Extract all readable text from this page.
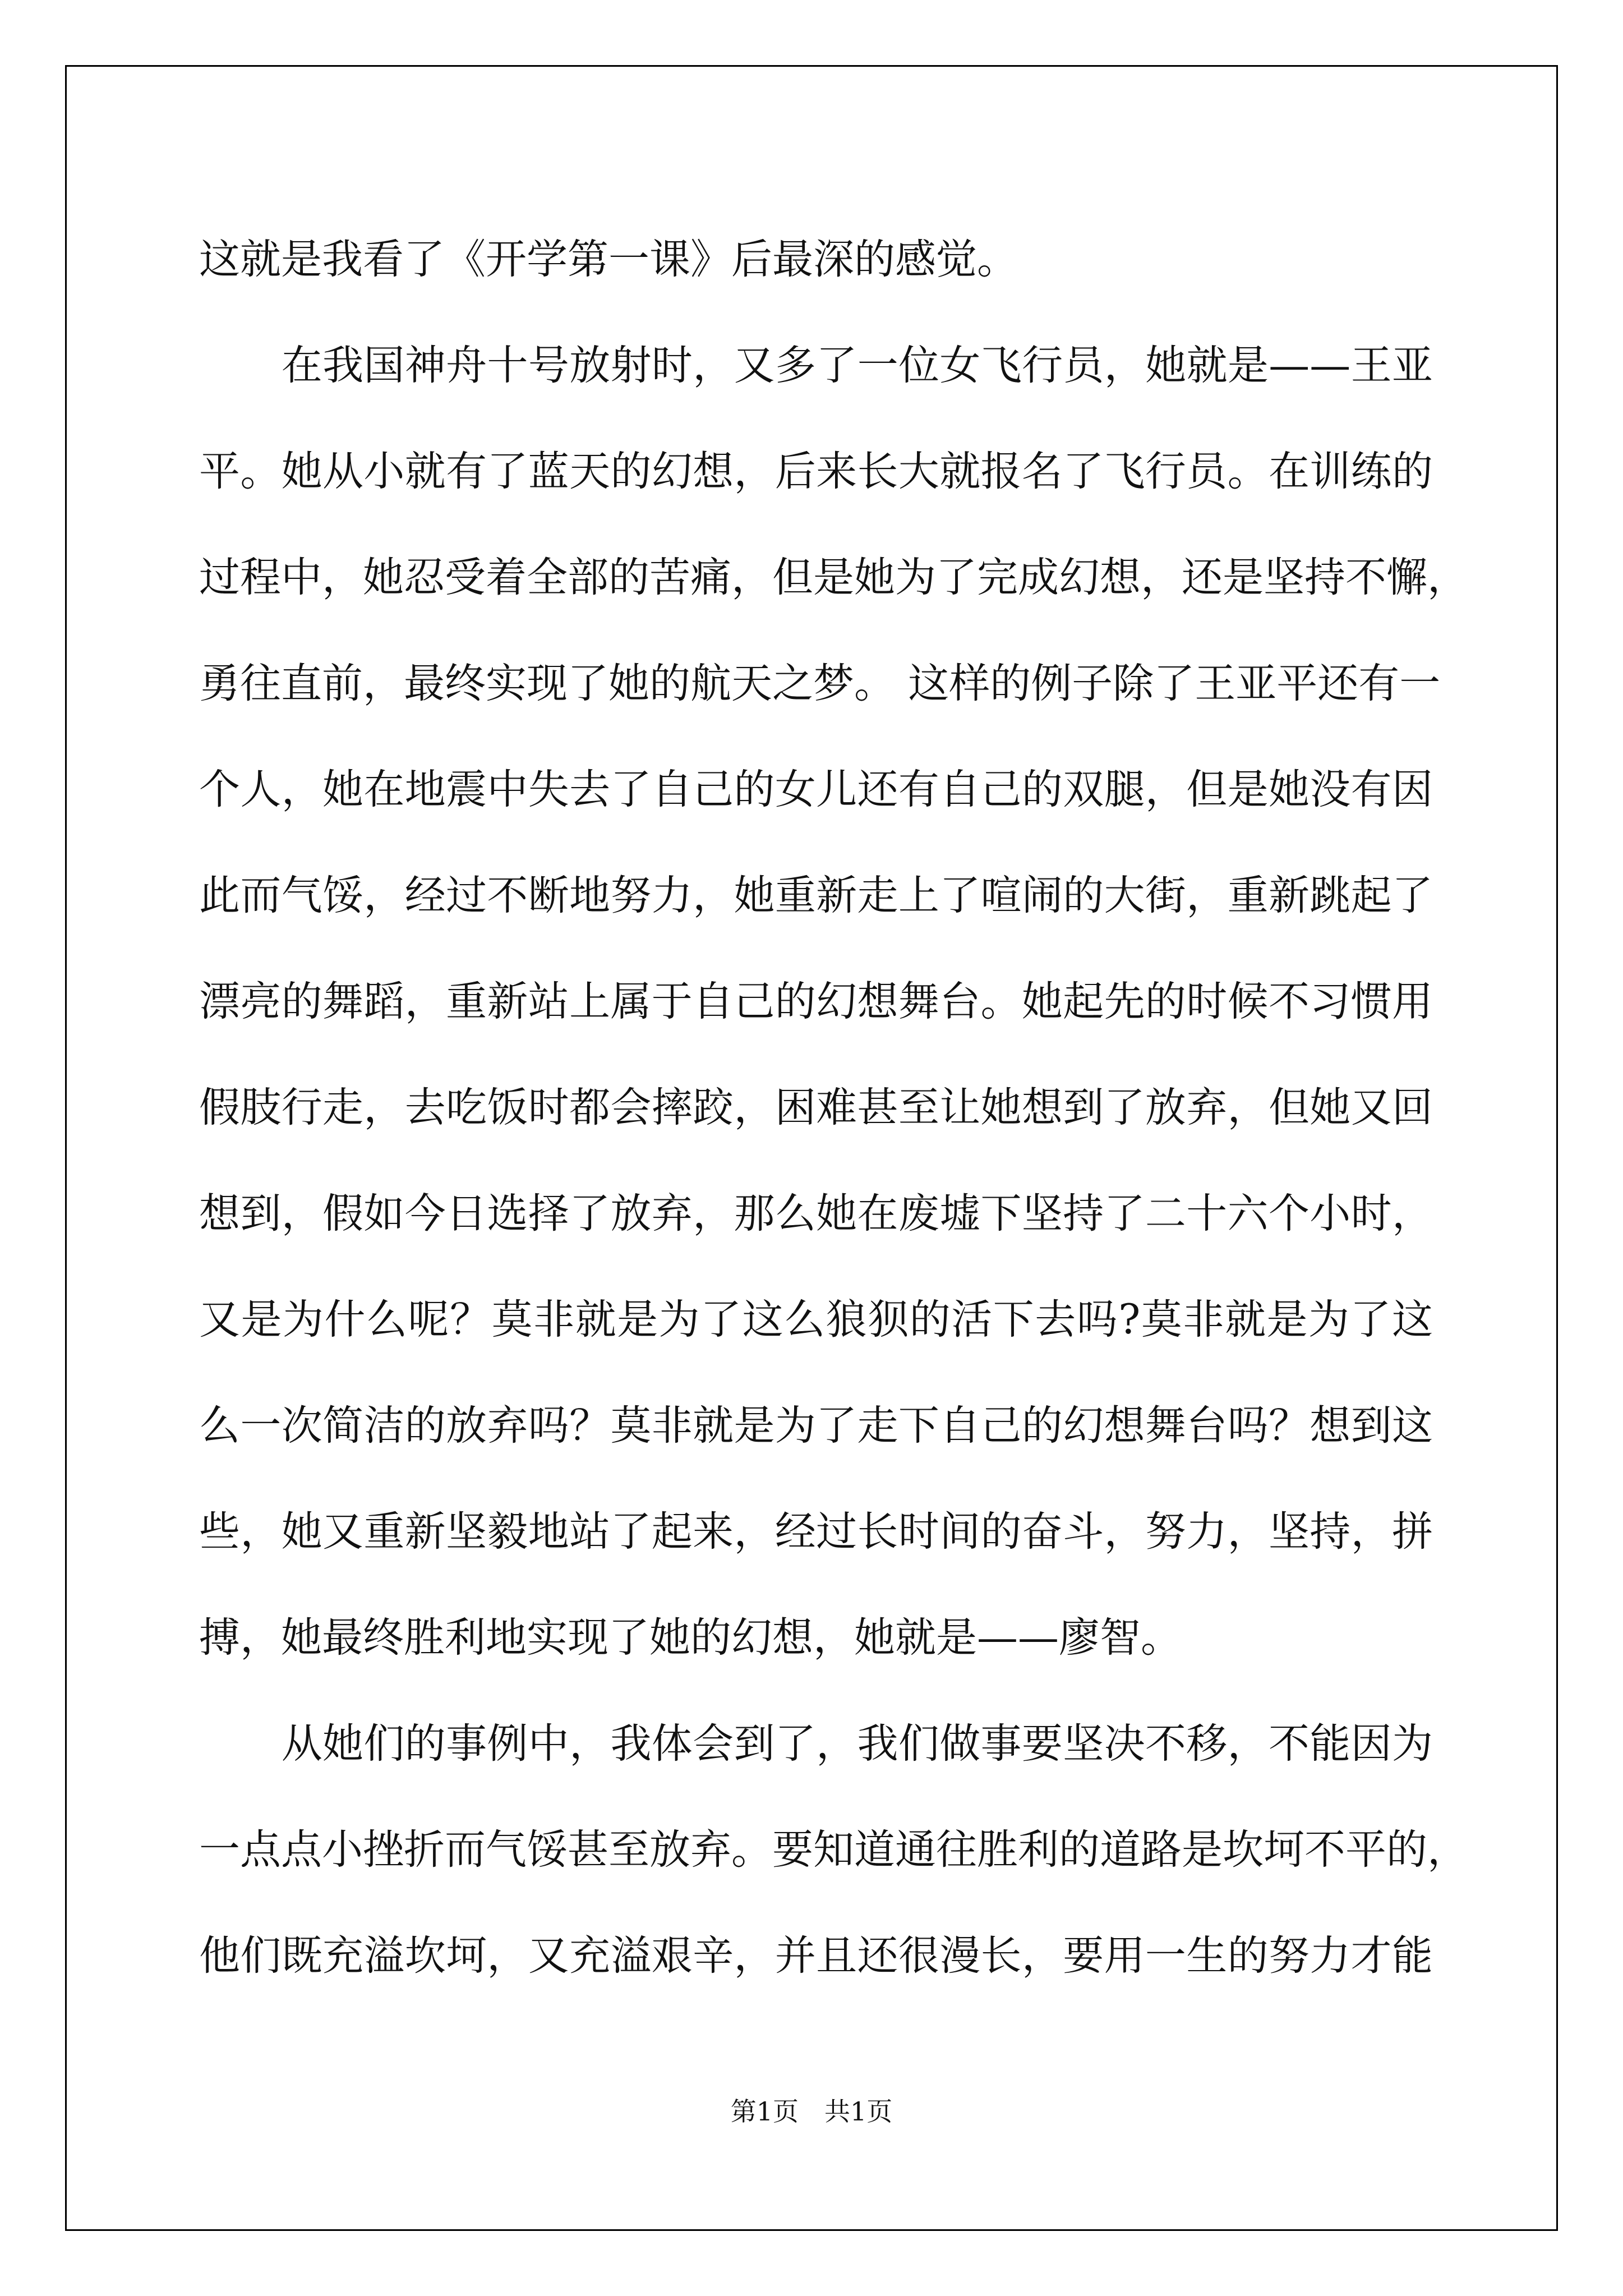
这就是我看了《开学第一课》后最深的感觉。
　　在我国神舟十号放射时，又多了一位女飞行员，她就是——王亚
平。她从小就有了蓝天的幻想，后来长大就报名了飞行员。在训练的
过程中，她忍受着全部的苦痛，但是她为了完成幻想，还是坚持不懈，
勇往直前，最终实现了她的航天之梦。 这样的例子除了王亚平还有一
个人，她在地震中失去了自己的女儿还有自己的双腿，但是她没有因
此而气馁，经过不断地努力，她重新走上了喧闹的大街，重新跳起了
漂亮的舞蹈，重新站上属于自己的幻想舞台。她起先的时候不习惯用
假肢行走，去吃饭时都会摔跤，困难甚至让她想到了放弃，但她又回
想到，假如今日选择了放弃，那么她在废墟下坚持了二十六个小时，
又是为什么呢？莫非就是为了这么狼狈的活下去吗?莫非就是为了这
么一次简洁的放弃吗？莫非就是为了走下自己的幻想舞台吗？想到这
些，她又重新坚毅地站了起来，经过长时间的奋斗，努力，坚持，拼
搏，她最终胜利地实现了她的幻想，她就是——廖智。
　　从她们的事例中，我体会到了，我们做事要坚决不移，不能因为
一点点小挫折而气馁甚至放弃。要知道通往胜利的道路是坎坷不平的，
他们既充溢坎坷，又充溢艰辛，并且还很漫长，要用一生的努力才能
第1页　共1页
